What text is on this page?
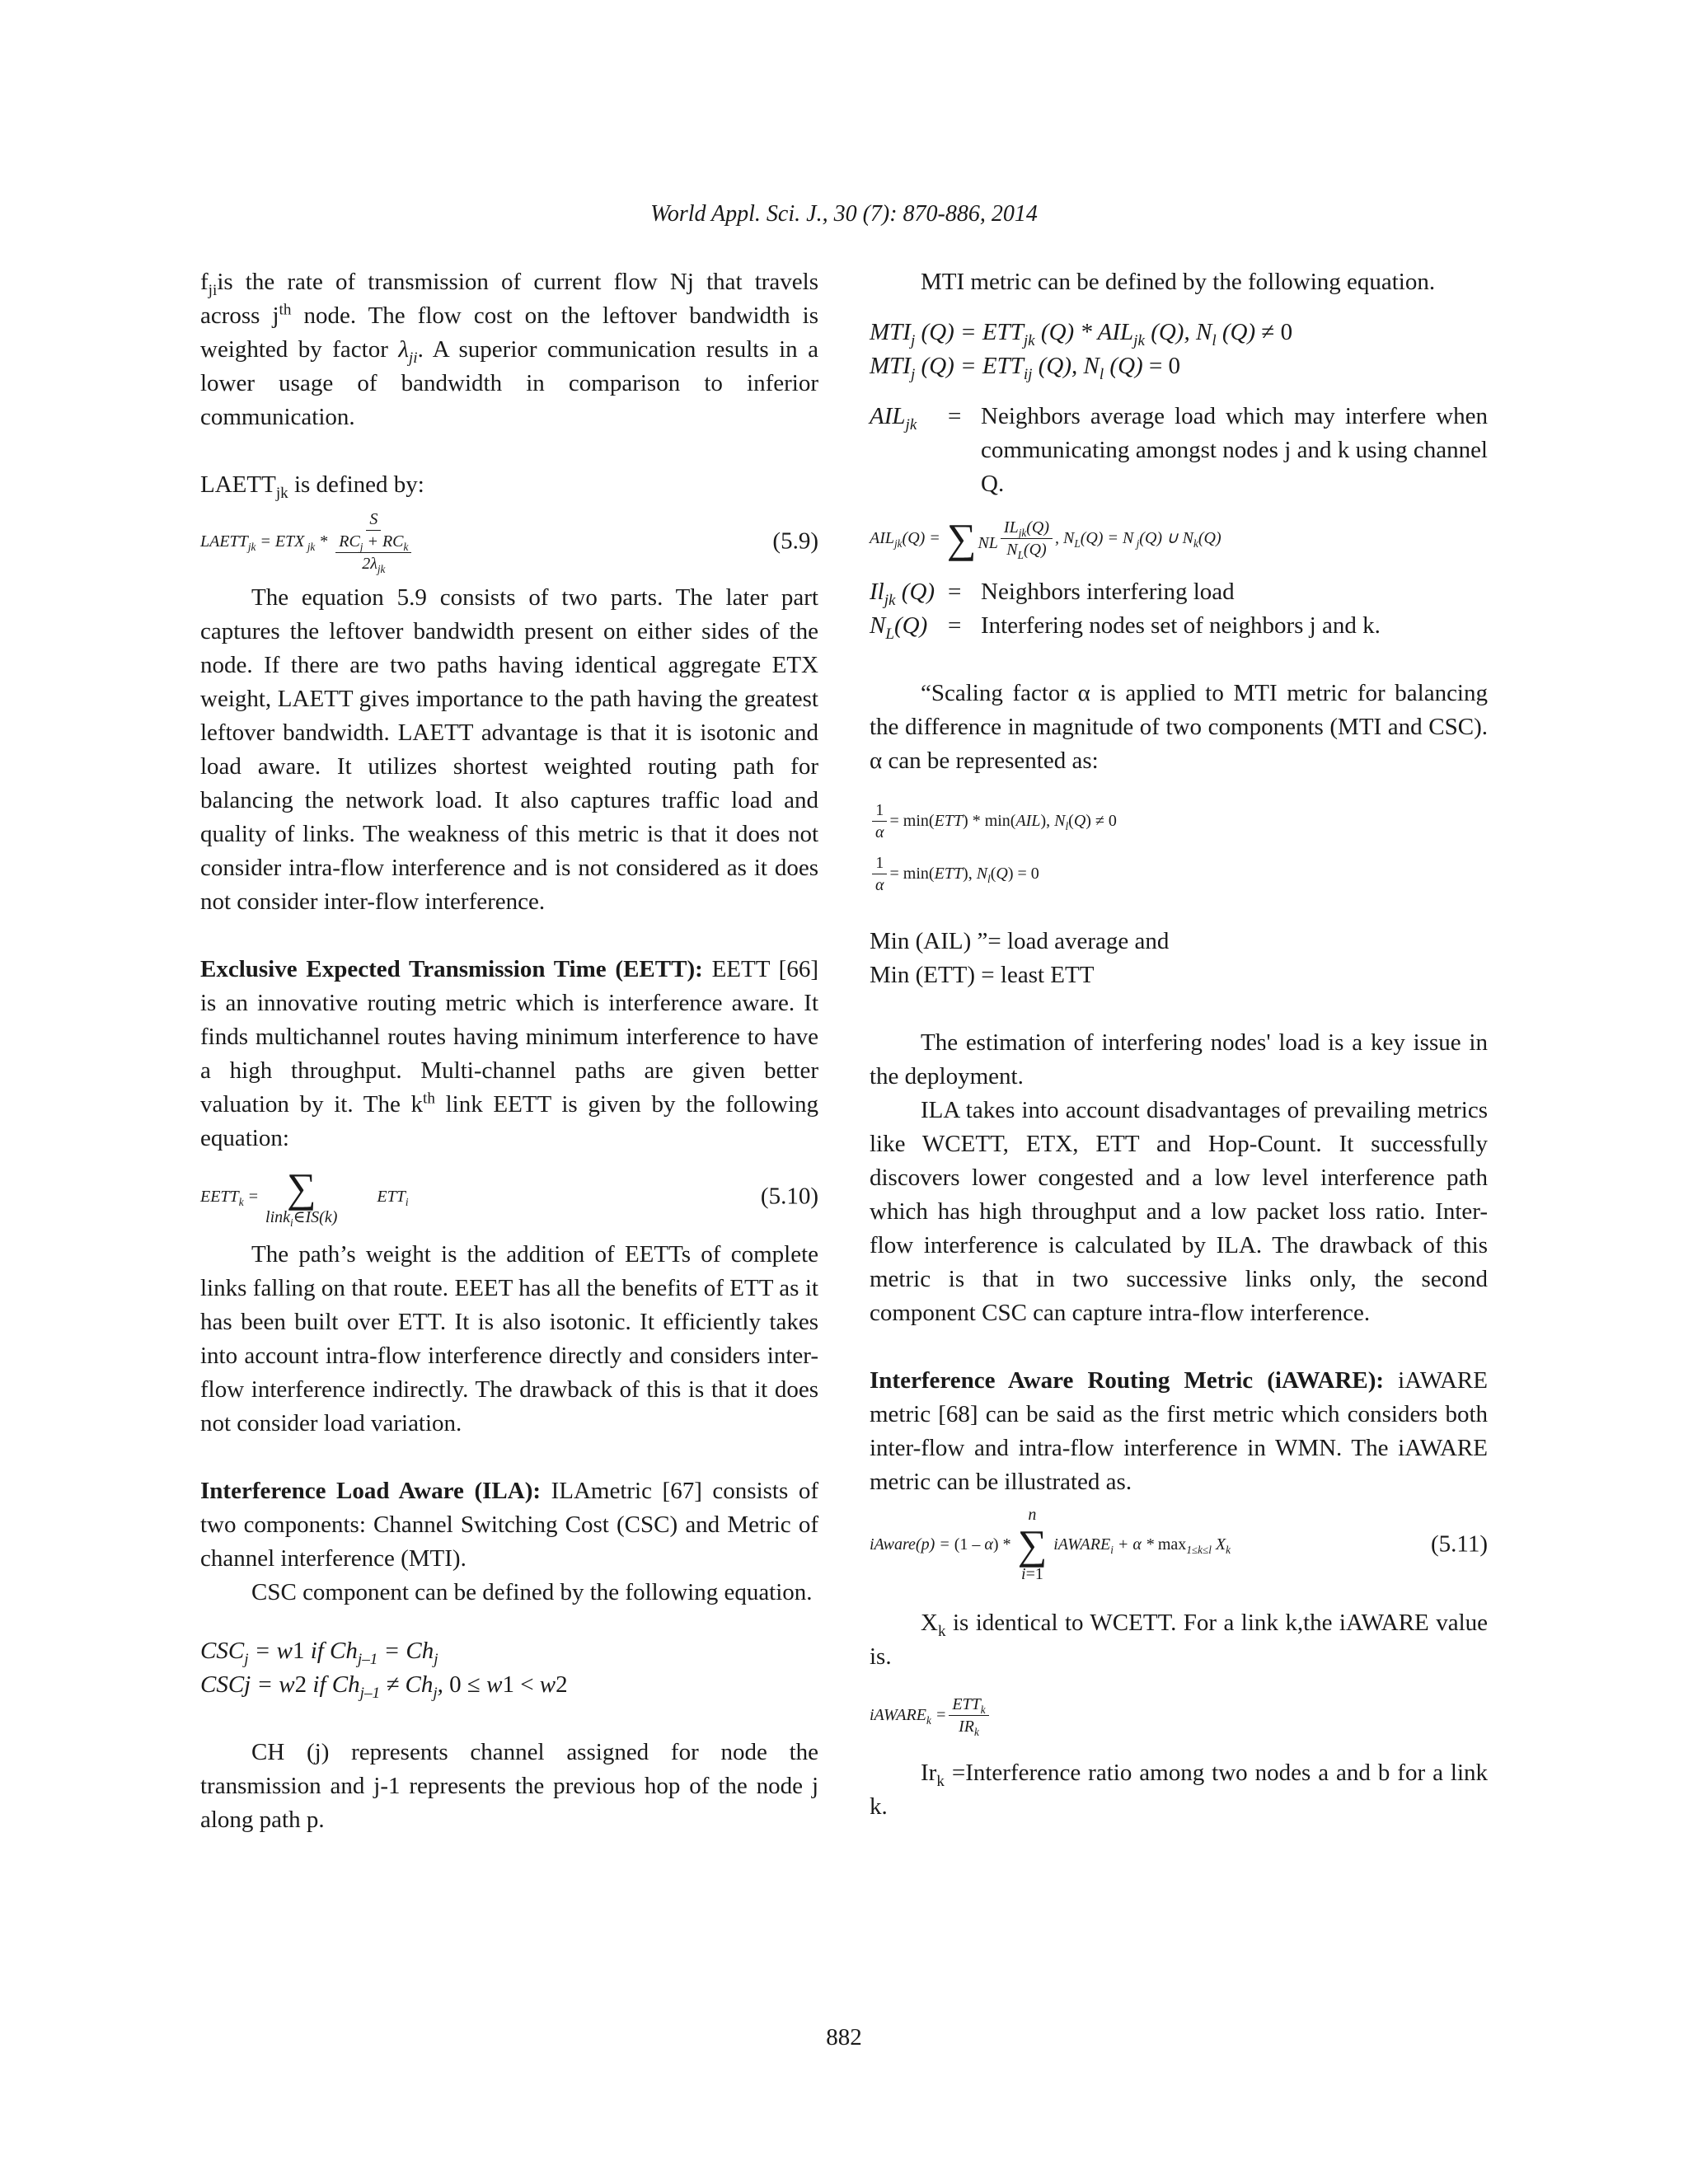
World Appl. Sci. J., 30 (7): 870-886, 2014

$f_{ji}is$ the rate of transmission of current flow Nj that travels across $j^{th}$ node. The flow cost on the leftover bandwidth is weighted by factor $\lambda_{ji}$. A superior communication results in a lower usage of bandwidth in comparison to inferior communication.

$LAETT_{jk}$ is defined by:

$LAETT_{jk}$ = ETX $_{jk} * \frac{S}{\frac{RC_j + RC_k}{2\lambda_{jk}}}$	(5.9)

The equation 5.9 consists of two parts. The later part captures the leftover bandwidth present on either sides of the node. If there are two paths having identical aggregate ETX weight, LAETT gives importance to the path having the greatest leftover bandwidth. LAETT advantage is that it is isotonic and load aware. It utilizes shortest weighted routing path for balancing the network load. It also captures traffic load and quality of links. The weakness of this metric is that it does not consider intra-flow interference and is not considered as it does not consider inter-flow interference.

Exclusive Expected Transmission Time (EETT): EETT [66] is an innovative routing metric which is interference aware. It finds multichannel routes having minimum interference to have a high throughput. Multi-channel paths are given better valuation by it. The $k^{th}$ link EETT is given by the following equation:

$EETT_k$ = ∑
link$_i$∈IS(k)
$ETT_i$	(5.10)

The path’s weight is the addition of EETTs of complete links falling on that route. EEET has all the benefits of ETT as it has been built over ETT. It is also isotonic. It efficiently takes into account intra-flow interference directly and considers inter-flow interference indirectly. The drawback of this is that it does not consider load variation.

Interference Load Aware (ILA): ILAmetric [67] consists of two components: Channel Switching Cost (CSC) and Metric of channel interference (MTI).

CSC component can be defined by the following equation.

$CSC_j = w1$ if $Ch_{j-1} = Ch_j$

CSCj = w2 if $Ch_{j-1} \ne Ch_j$, 0 ≤ w1 < w2

CH (j) represents channel assigned for node the transmission and j-1 represents the previous hop of the node j along path p.

MTI metric can be defined by the following equation.

$MTI_j$ $(Q) = ETT_{jk}$ $(Q) * AIL_{jk}$ (Q), $N_l$ (Q) ≠ 0

$MTI_j$ $(Q) = ETT_{ij}$ (Q), $N_l$ (Q) = 0

$AIL_{jk}$	= Neighbors average load which may interfere when communicating amongst nodes j and k using channel Q.
$AIL_{jk}(Q)$ = ∑ NL $\frac{IL_{jk}(Q)}{N_L(Q)}$ , $N_L(Q) = N$ $_j$(Q) ∪ $N_k(Q)$
$Il_{jk}$ (Q) = Neighbors interfering load
$N_L(Q)$ = Interfering nodes set of neighbors j and k.

“Scaling factor α is applied to MTI metric for balancing the difference in magnitude of two components (MTI and CSC). α can be represented as:

$\frac{1}{\alpha} = \min(ETT) * \min(AIL)$, $N_l(Q) \ne 0$
$\frac{1}{\alpha} = \min(ETT)$, $N_l(Q) = 0$

Min (AIL) ”= load average and

Min (ETT) = least ETT

The estimation of interfering nodes' load is a key issue in the deployment.

ILA takes into account disadvantages of prevailing metrics like WCETT, ETX, ETT and Hop-Count. It successfully discovers lower congested and a low level interference path which has high throughput and a low packet loss ratio. Inter-flow interference is calculated by ILA. The drawback of this metric is that in two successive links only, the second component CSC can capture intra-flow interference.

Interference Aware Routing Metric (iAWARE): iAWARE metric [68] can be said as the first metric which considers both inter-flow and intra-flow interference in WMN. The iAWARE metric can be illustrated as.

iAware(p) = (1 – α) *
n
∑
i=1
iAWARE$_i$ + α * $\max_{1\le k\le l} X_k$	(5.11)

$X_k$ is identical to WCETT. For a link k,the iAWARE value is.

iAWARE$_k$ = $\frac{ETT_k}{IR_k}$

$Ir_k$ =Interference ratio among two nodes a and b for a link k.

882
